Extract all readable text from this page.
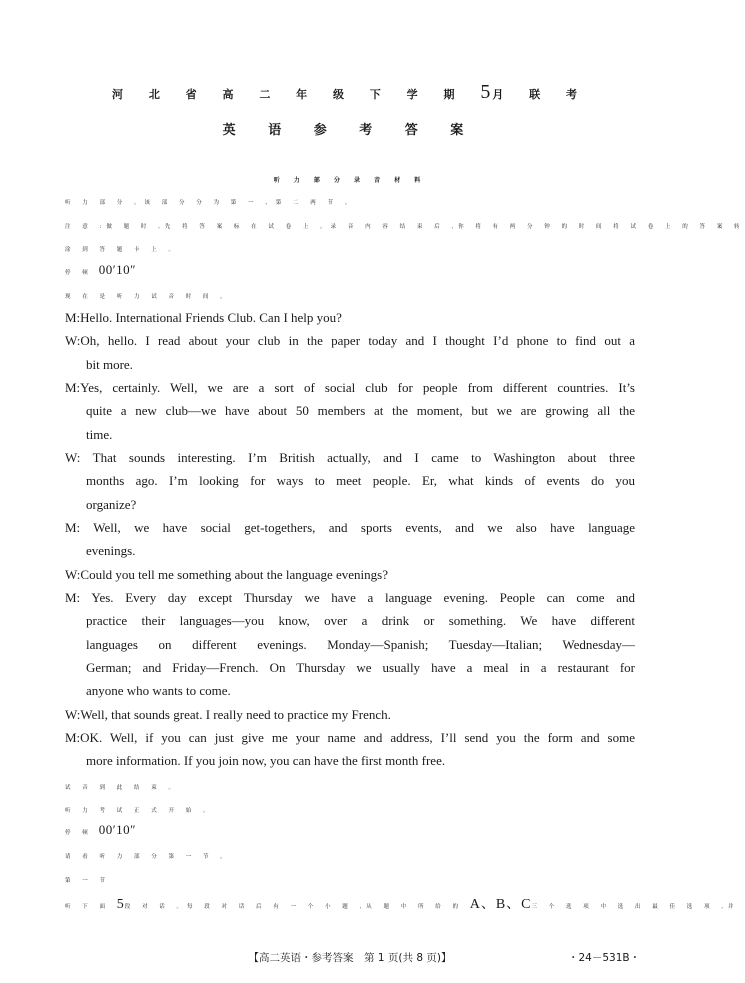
河 北 省 高 二 年 级 下 学 期 5月 联 考
英 语 参 考 答 案
听 力 部 分 录 音 材 料
听 力 部 分 。该 部 分 分 为 第 一 、第 二 两 节 。
注 意 :做 题 时 ,先 将 答 案 标 在 试 卷 上 。录 音 内 容 结 束 后 ,你 将 有 两 分 钟 的 时 间 将 试 卷 上 的 答 案 转
涂 到 答 题 卡 上 。
停 顿 00′10″
现 在 是 听 力 试 音 时 间 。
M:Hello. International Friends Club. Can I help you?
W:Oh, hello. I read about your club in the paper today and I thought I’d phone to find out a
bit more.
M:Yes, certainly. Well, we are a sort of social club for people from different countries. It’s
quite a new club—we have about 50 members at the moment, but we are growing all the
time.
W: That sounds interesting. I’m British actually, and I came to Washington about three
months ago. I’m looking for ways to meet people. Er, what kinds of events do you
organize?
M: Well, we have social get-togethers, and sports events, and we also have language
evenings.
W:Could you tell me something about the language evenings?
M: Yes. Every day except Thursday we have a language evening. People can come and
practice their languages—you know, over a drink or something. We have different
languages on different evenings. Monday—Spanish; Tuesday—Italian; Wednesday—
German; and Friday—French. On Thursday we usually have a meal in a restaurant for
anyone who wants to come.
W:Well, that sounds great. I really need to practice my French.
M:OK. Well, if you can just give me your name and address, I’ll send you the form and some
more information. If you join now, you can have the first month free.
试 音 到 此 结 束 。
听 力 考 试 正 式 开 始 。
停 顿 00′10″
请 看 听 力 部 分 第 一 节 。
第 一 节
听 下 面 5段 对 话 。每 段 对 话 后 有 一 个 小 题 ,从 题 中 所 给 的 A、B、C三 个 选 项 中 选 出 最 佳 选 项 ,并
【高二英语・参考答案　第 1 页(共 8 页)】	・24－531B・
